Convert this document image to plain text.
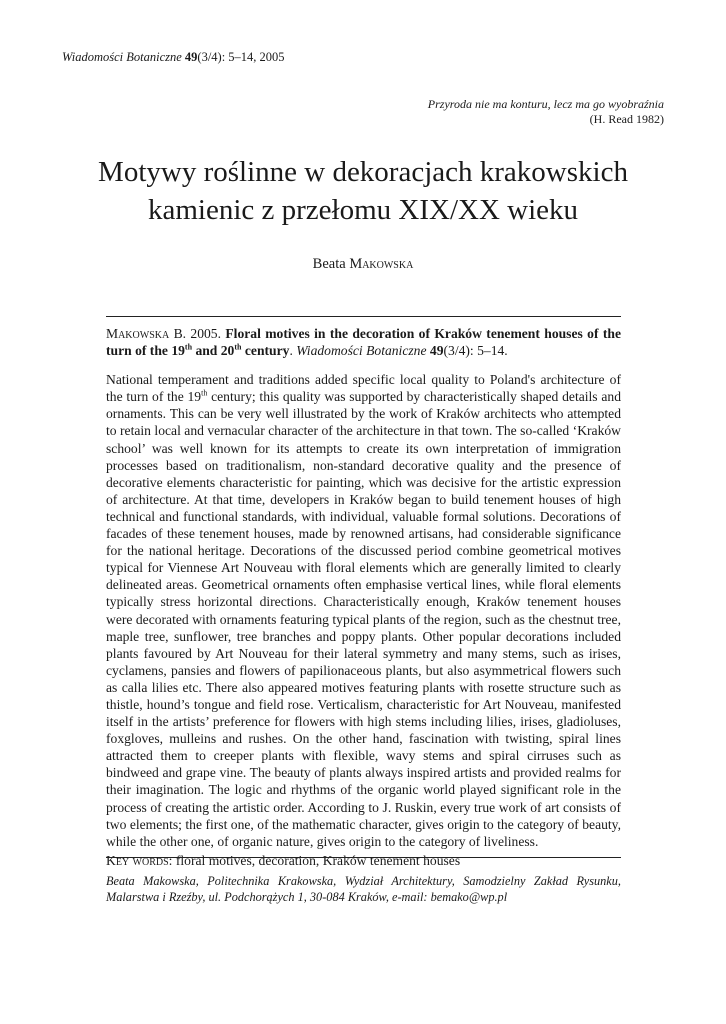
Wiadomości Botaniczne 49(3/4): 5–14, 2005
Przyroda nie ma konturu, lecz ma go wyobraźnia
(H. Read 1982)
Motywy roślinne w dekoracjach krakowskich
kamienic z przełomu XIX/XX wieku
Beata Makowska

Makowska B. 2005. Floral motives in the decoration of Kraków tenement houses of the turn of the 19th and 20th century. Wiadomości Botaniczne 49(3/4): 5–14.

National temperament and traditions added specific local quality to Poland's architecture of the turn of the 19th century; this quality was supported by characteristically shaped details and ornaments. This can be very well illustrated by the work of Kraków architects who attempted to retain local and vernacular character of the architecture in that town. The so-called ‘Kraków school’ was well known for its attempts to create its own interpretation of immigration processes based on traditionalism, non-standard decorative quality and the presence of decorative elements characteristic for painting, which was decisive for the artistic expression of architecture. At that time, developers in Kraków began to build tenement houses of high technical and functional standards, with individual, valuable formal solutions. Decorations of facades of these tenement houses, made by renowned artisans, had considerable significance for the national heritage. Decorations of the discussed period combine geometrical motives typical for Viennese Art Nouveau with floral elements which are generally limited to clearly delineated areas. Geometrical ornaments often emphasise vertical lines, while floral elements typically stress horizontal directions. Characteristically enough, Kraków tenement houses were decorated with ornaments featuring typical plants of the region, such as the chestnut tree, maple tree, sunflower, tree branches and poppy plants. Other popular decorations included plants favoured by Art Nouveau for their lateral symmetry and many stems, such as irises, cyclamens, pansies and flowers of papilionaceous plants, but also asymmetrical flowers such as calla lilies etc. There also appeared motives featuring plants with rosette structure such as thistle, hound’s tongue and field rose. Verticalism, characteristic for Art Nouveau, manifested itself in the artists’ preference for flowers with high stems including lilies, irises, gladioluses, foxgloves, mulleins and rushes. On the other hand, fascination with twisting, spiral lines attracted them to creeper plants with flexible, wavy stems and spiral cirruses such as bindweed and grape vine. The beauty of plants always inspired artists and provided realms for their imagination. The logic and rhythms of the organic world played significant role in the process of creating the artistic order. According to J. Ruskin, every true work of art consists of two elements; the first one, of the mathematic character, gives origin to the category of beauty, while the other one, of organic nature, gives origin to the category of liveliness.

Key words: floral motives, decoration, Kraków tenement houses

Beata Makowska, Politechnika Krakowska, Wydział Architektury, Samodzielny Zakład Rysunku, Malarstwa i Rzeźby, ul. Podchorążych 1, 30-084 Kraków, e-mail: bemako@wp.pl
